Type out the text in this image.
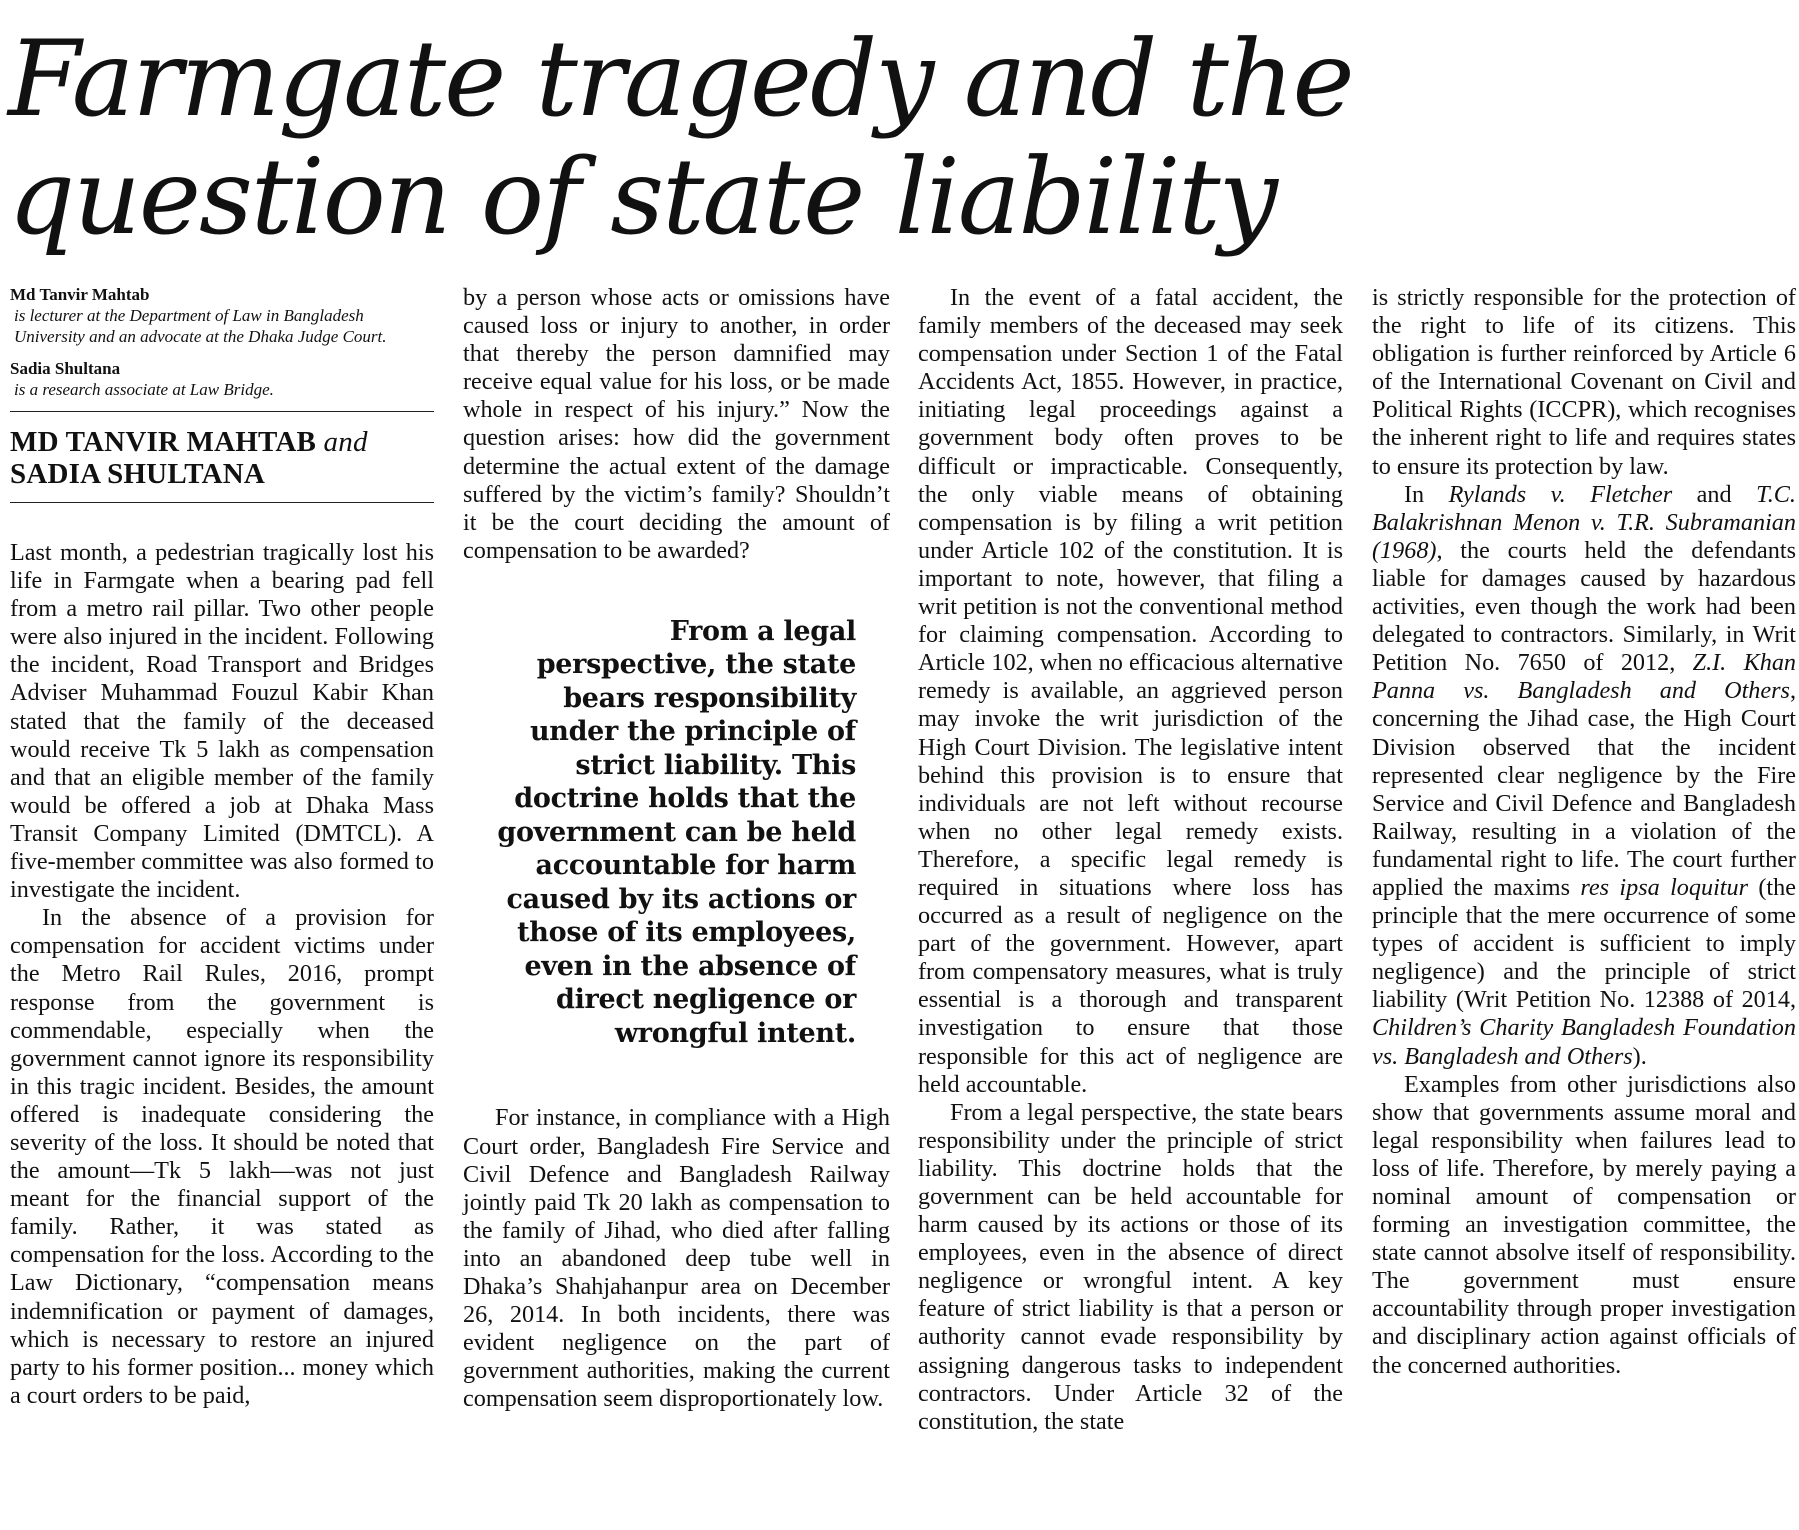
Farmgate tragedy and the question of state liability
Md Tanvir Mahtab
is lecturer at the Department of Law in Bangladesh University and an advocate at the Dhaka Judge Court.
Sadia Shultana
is a research associate at Law Bridge.
MD TANVIR MAHTAB and
SADIA SHULTANA

Last month, a pedestrian tragically lost his life in Farmgate when a bearing pad fell from a metro rail pillar. Two other people were also injured in the incident. Following the incident, Road Transport and Bridges Adviser Muhammad Fouzul Kabir Khan stated that the family of the deceased would receive Tk 5 lakh as compensation and that an eligible member of the family would be offered a job at Dhaka Mass Transit Company Limited (DMTCL). A five-member committee was also formed to investigate the incident.

In the absence of a provision for compensation for accident victims under the Metro Rail Rules, 2016, prompt response from the government is commendable, especially when the government cannot ignore its responsibility in this tragic incident. Besides, the amount offered is inadequate considering the severity of the loss. It should be noted that the amount—Tk 5 lakh—was not just meant for the financial support of the family. Rather, it was stated as compensation for the loss. According to the Law Dictionary, “compensation means indemnification or payment of damages, which is necessary to restore an injured party to his former position... money which a court orders to be paid,

by a person whose acts or omissions have caused loss or injury to another, in order that thereby the person damnified may receive equal value for his loss, or be made whole in respect of his injury.” Now the question arises: how did the government determine the actual extent of the damage suffered by the victim’s family? Shouldn’t it be the court deciding the amount of compensation to be awarded?

From a legal perspective, the state bears responsibility under the principle of strict liability. This doctrine holds that the government can be held accountable for harm caused by its actions or those of its employees, even in the absence of direct negligence or wrongful intent.

For instance, in compliance with a High Court order, Bangladesh Fire Service and Civil Defence and Bangladesh Railway jointly paid Tk 20 lakh as compensation to the family of Jihad, who died after falling into an abandoned deep tube well in Dhaka’s Shahjahanpur area on December 26, 2014. In both incidents, there was evident negligence on the part of government authorities, making the current compensation seem disproportionately low.

In the event of a fatal accident, the family members of the deceased may seek compensation under Section 1 of the Fatal Accidents Act, 1855. However, in practice, initiating legal proceedings against a government body often proves to be difficult or impracticable. Consequently, the only viable means of obtaining compensation is by filing a writ petition under Article 102 of the constitution. It is important to note, however, that filing a writ petition is not the conventional method for claiming compensation. According to Article 102, when no efficacious alternative remedy is available, an aggrieved person may invoke the writ jurisdiction of the High Court Division. The legislative intent behind this provision is to ensure that individuals are not left without recourse when no other legal remedy exists. Therefore, a specific legal remedy is required in situations where loss has occurred as a result of negligence on the part of the government. However, apart from compensatory measures, what is truly essential is a thorough and transparent investigation to ensure that those responsible for this act of negligence are held accountable.

From a legal perspective, the state bears responsibility under the principle of strict liability. This doctrine holds that the government can be held accountable for harm caused by its actions or those of its employees, even in the absence of direct negligence or wrongful intent. A key feature of strict liability is that a person or authority cannot evade responsibility by assigning dangerous tasks to independent contractors. Under Article 32 of the constitution, the state

is strictly responsible for the protection of the right to life of its citizens. This obligation is further reinforced by Article 6 of the International Covenant on Civil and Political Rights (ICCPR), which recognises the inherent right to life and requires states to ensure its protection by law.

In Rylands v. Fletcher and T.C. Balakrishnan Menon v. T.R. Subramanian (1968), the courts held the defendants liable for damages caused by hazardous activities, even though the work had been delegated to contractors. Similarly, in Writ Petition No. 7650 of 2012, Z.I. Khan Panna vs. Bangladesh and Others, concerning the Jihad case, the High Court Division observed that the incident represented clear negligence by the Fire Service and Civil Defence and Bangladesh Railway, resulting in a violation of the fundamental right to life. The court further applied the maxims res ipsa loquitur (the principle that the mere occurrence of some types of accident is sufficient to imply negligence) and the principle of strict liability (Writ Petition No. 12388 of 2014, Children’s Charity Bangladesh Foundation vs. Bangladesh and Others).

Examples from other jurisdictions also show that governments assume moral and legal responsibility when failures lead to loss of life. Therefore, by merely paying a nominal amount of compensation or forming an investigation committee, the state cannot absolve itself of responsibility. The government must ensure accountability through proper investigation and disciplinary action against officials of the concerned authorities.
